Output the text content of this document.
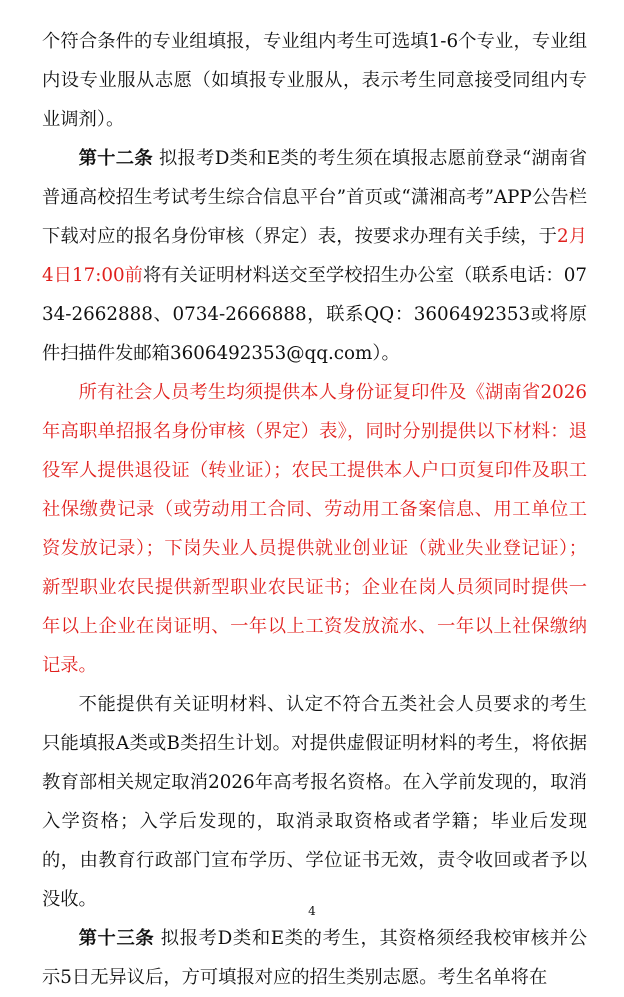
个符合条件的专业组填报，专业组内考生可选填1-6个专业，专业组内设专业服从志愿（如填报专业服从，表示考生同意接受同组内专业调剂）。

第十二条 拟报考D类和E类的考生须在填报志愿前登录“湖南省普通高校招生考试考生综合信息平台”首页或“潇湘高考”APP公告栏下载对应的报名身份审核（界定）表，按要求办理有关手续，于2月4日17:00前将有关证明材料送交至学校招生办公室（联系电话：0734-2662888、0734-2666888，联系QQ：3606492353或将原件扫描件发邮箱3606492353@qq.com）。

所有社会人员考生均须提供本人身份证复印件及《湖南省2026年高职单招报名身份审核（界定）表》，同时分别提供以下材料：退役军人提供退役证（转业证）；农民工提供本人户口页复印件及职工社保缴费记录（或劳动用工合同、劳动用工备案信息、用工单位工资发放记录）；下岗失业人员提供就业创业证（就业失业登记证）；新型职业农民提供新型职业农民证书；企业在岗人员须同时提供一年以上企业在岗证明、一年以上工资发放流水、一年以上社保缴纳记录。

不能提供有关证明材料、认定不符合五类社会人员要求的考生只能填报A类或B类招生计划。对提供虚假证明材料的考生，将依据教育部相关规定取消2026年高考报名资格。在入学前发现的，取消入学资格；入学后发现的，取消录取资格或者学籍；毕业后发现的，由教育行政部门宣布学历、学位证书无效，责令收回或者予以没收。

第十三条 拟报考D类和E类的考生，其资格须经我校审核并公示5日无异议后，方可填报对应的招生类别志愿。考生名单将在

4
